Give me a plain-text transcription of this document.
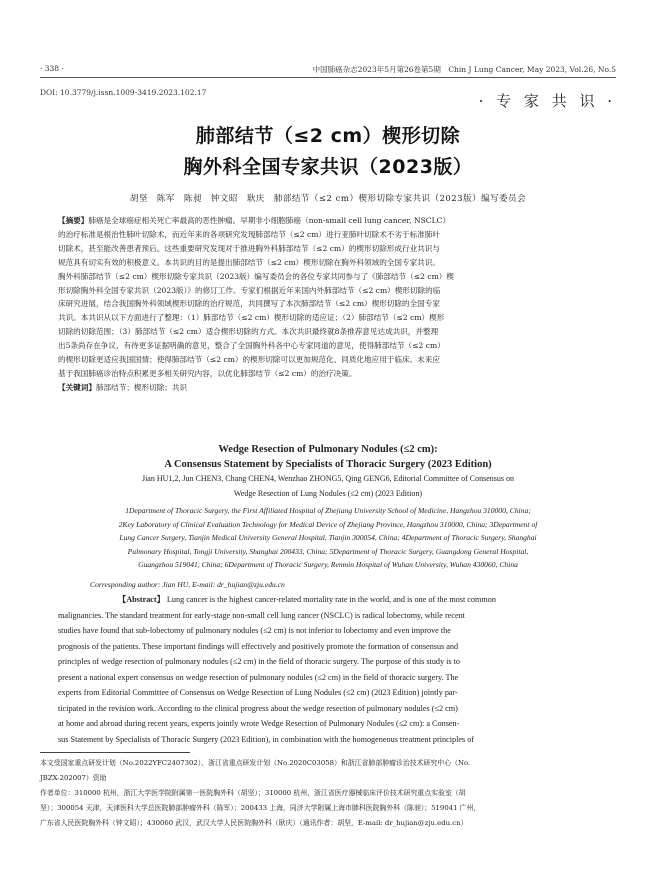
· 338 ·	中国肺癌杂志2023年5月第26卷第5期　Chin J Lung Cancer, May 2023, Vol.26, No.5
DOI: 10.3779/j.issn.1009-3419.2023.102.17	· 专 家 共 识 ·
肺部结节（≤2 cm）楔形切除
胸外科全国专家共识（2023版）
胡坚　陈军　陈昶　钟文昭　耿庆　肺部结节（≤2 cm）楔形切除专家共识（2023版）编写委员会
【摘要】肺癌是全球癌症相关死亡率最高的恶性肿瘤。早期非小细胞肺癌（non-small cell lung cancer, NSCLC）
的治疗标准是根治性肺叶切除术，而近年来的各项研究发现肺部结节（≤2 cm）进行亚肺叶切除术不劣于标准肺叶
切除术，甚至能改善患者预后。这些重要研究发现对于推进胸外科肺部结节（≤2 cm）的楔形切除形成行业共识与
规范具有切实有效的积极意义。本共识的目的是提出肺部结节（≤2 cm）楔形切除在胸外科领域的全国专家共识。
胸外科肺部结节（≤2 cm）楔形切除专家共识（2023版）编写委员会的各位专家共同参与了《肺部结节（≤2 cm）楔
形切除胸外科全国专家共识（2023版）》的修订工作。专家们根据近年来国内外肺部结节（≤2 cm）楔形切除的临
床研究进展，结合我国胸外科领域楔形切除的治疗规范，共同撰写了本次肺部结节（≤2 cm）楔形切除的全国专家
共识。本共识从以下方面进行了整理：（1）肺部结节（≤2 cm）楔形切除的适应证；（2）肺部结节（≤2 cm）楔形
切除的切除范围；（3）肺部结节（≤2 cm）适合楔形切除的方式。本次共识最终就8条推荐意见达成共识，并整理
出5条尚存在争议、有待更多证据明确的意见，整合了全国胸外科各中心专家同道的意见，使得肺部结节（≤2 cm）
的楔形切除更适应我国国情；使得肺部结节（≤2 cm）的楔形切除可以更加规范化、同质化地应用于临床。未来应
基于我国肺癌诊治特点积累更多相关研究内容，以优化肺部结节（≤2 cm）的治疗决策。
【关键词】肺部结节；楔形切除；共识
Wedge Resection of Pulmonary Nodules (≤2 cm):
A Consensus Statement by Specialists of Thoracic Surgery (2023 Edition)
Jian HU1,2, Jun CHEN3, Chang CHEN4, Wenzhao ZHONG5, Qing GENG6, Editorial Committee of Consensus on
Wedge Resection of Lung Nodules (≤2 cm) (2023 Edition)
1Department of Thoracic Surgery, the First Affiliated Hospital of Zhejiang University School of Medicine, Hangzhou 310000, China;
2Key Laboratory of Clinical Evaluation Technology for Medical Device of Zhejiang Province, Hangzhou 310000, China; 3Department of
Lung Cancer Surgery, Tianjin Medical University General Hospital, Tianjin 300054, China; 4Department of Thoracic Surgery, Shanghai
Pulmonary Hospital, Tongji University, Shanghai 200433, China; 5Department of Thoracic Surgery, Guangdong General Hospital,
Guangzhou 519041, China; 6Department of Thoracic Surgery, Renmin Hospital of Wuhan University, Wuhan 430060, China
Corresponding author: Jian HU, E-mail: dr_hujian@zju.edu.cn
【Abstract】 Lung cancer is the highest cancer-related mortality rate in the world, and is one of the most common
malignancies. The standard treatment for early-stage non-small cell lung cancer (NSCLC) is radical lobectomy, while recent
studies have found that sub-lobectomy of pulmonary nodules (≤2 cm) is not inferior to lobectomy and even improve the
prognosis of the patients. These important findings will effectively and positively promote the formation of consensus and
principles of wedge resection of pulmonary nodules (≤2 cm) in the field of thoracic surgery. The purpose of this study is to
present a national expert consensus on wedge resection of pulmonary nodules (≤2 cm) in the field of thoracic surgery. The
experts from Editorial Committee of Consensus on Wedge Resection of Lung Nodules (≤2 cm) (2023 Edition) jointly par-
ticipated in the revision work. According to the clinical progress about the wedge resection of pulmonary nodules (≤2 cm)
at home and abroad during recent years, experts jointly wrote Wedge Resection of Pulmonary Nodules (≤2 cm): a Consen-
sus Statement by Specialists of Thoracic Surgery (2023 Edition), in combination with the homogeneous treatment principles of
本文受国家重点研发计划（No.2022YFC2407302）、浙江省重点研发计划（No.2020C03058）和浙江省肺部肿瘤诊治技术研究中心（No.
JBZX-202007）资助
作者单位：310000 杭州，浙江大学医学院附属第一医院胸外科（胡坚）；310000 杭州，浙江省医疗器械临床评价技术研究重点实验室（胡
坚）；300054 天津，天津医科大学总医院肺部肿瘤外科（陈军）；200433 上海，同济大学附属上海市肺科医院胸外科（陈昶）；519041 广州，
广东省人民医院胸外科（钟文昭）；430060 武汉，武汉大学人民医院胸外科（耿庆）（通讯作者：胡坚，E-mail: dr_hujian@zju.edu.cn）
